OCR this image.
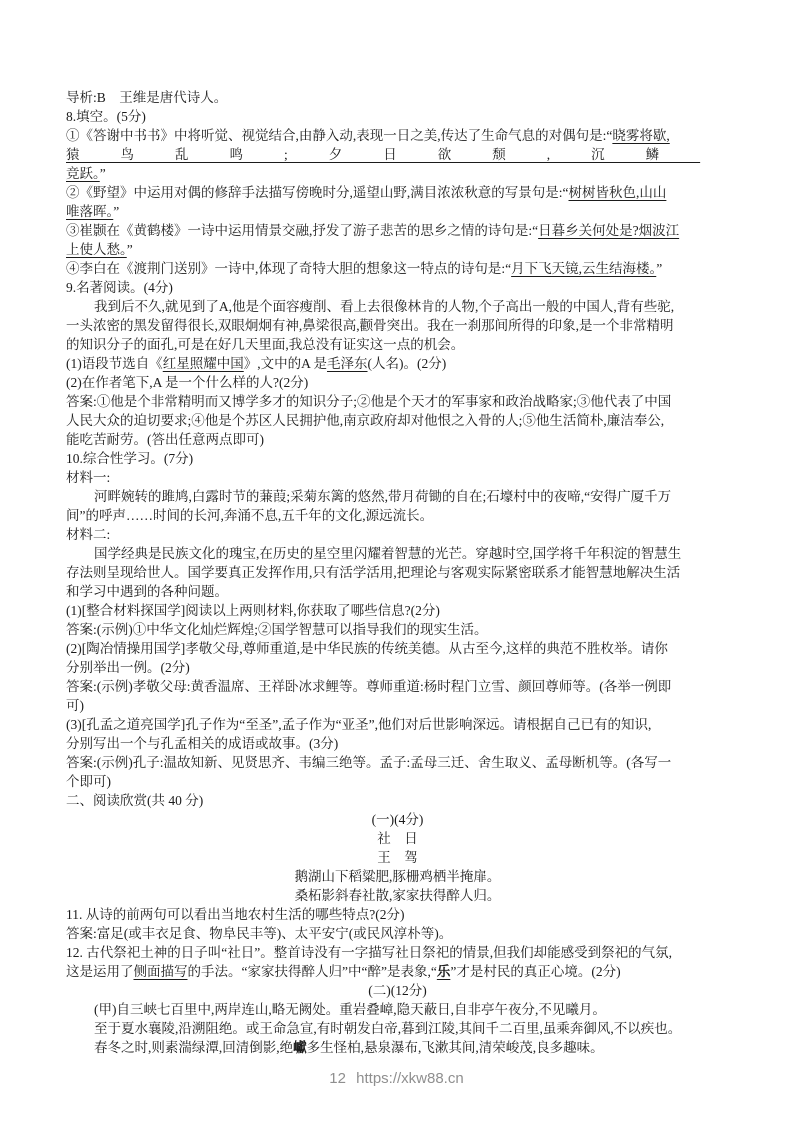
导析:B　王维是唐代诗人。
8.填空。(5分)
①《答谢中书书》中将听觉、视觉结合,由静入动,表现一日之美,传达了生命气息的对偶句是:“晓雾将歇,
猿鸟乱鸣;夕日欲颓,沉鳞
竞跃。”
②《野望》中运用对偶的修辞手法描写傍晚时分,遥望山野,满目浓浓秋意的写景句是:“树树皆秋色,山山
唯落晖。”
③崔颢在《黄鹤楼》一诗中运用情景交融,抒发了游子悲苦的思乡之情的诗句是:“日暮乡关何处是?烟波江
上使人愁。”
④李白在《渡荆门送别》一诗中,体现了奇特大胆的想象这一特点的诗句是:“月下飞天镜,云生结海楼。”
9.名著阅读。(4分)
我到后不久,就见到了A,他是个面容瘦削、看上去很像林肯的人物,个子高出一般的中国人,背有些驼,
一头浓密的黑发留得很长,双眼炯炯有神,鼻梁很高,颧骨突出。我在一刹那间所得的印象,是一个非常精明
的知识分子的面孔,可是在好几天里面,我总没有证实这一点的机会。
(1)语段节选自《红星照耀中国》,文中的A 是毛泽东(人名)。(2分)
(2)在作者笔下,A 是一个什么样的人?(2分)
答案:①他是个非常精明而又博学多才的知识分子;②他是个天才的军事家和政治战略家;③他代表了中国
人民大众的迫切要求;④他是个苏区人民拥护他,南京政府却对他恨之入骨的人;⑤他生活简朴,廉洁奉公,
能吃苦耐劳。(答出任意两点即可)
10.综合性学习。(7分)
材料一:
河畔婉转的雎鸠,白露时节的蒹葭;采菊东篱的悠然,带月荷锄的自在;石壕村中的夜啼,“安得广厦千万
间”的呼声……时间的长河,奔涌不息,五千年的文化,源远流长。
材料二:
国学经典是民族文化的瑰宝,在历史的星空里闪耀着智慧的光芒。穿越时空,国学将千年积淀的智慧生
存法则呈现给世人。国学要真正发挥作用,只有活学活用,把理论与客观实际紧密联系才能智慧地解决生活
和学习中遇到的各种问题。
(1)[整合材料探国学]阅读以上两则材料,你获取了哪些信息?(2分)
答案:(示例)①中华文化灿烂辉煌;②国学智慧可以指导我们的现实生活。
(2)[陶冶情操用国学]孝敬父母,尊师重道,是中华民族的传统美德。从古至今,这样的典范不胜枚举。请你
分别举出一例。(2分)
答案:(示例)孝敬父母:黄香温席、王祥卧冰求鲤等。尊师重道:杨时程门立雪、颜回尊师等。(各举一例即
可)
(3)[孔孟之道亮国学]孔子作为“至圣”,孟子作为“亚圣”,他们对后世影响深远。请根据自己已有的知识,
分别写出一个与孔孟相关的成语或故事。(3分)
答案:(示例)孔子:温故知新、见贤思齐、韦编三绝等。孟子:孟母三迁、舍生取义、孟母断机等。(各写一
个即可)
二、阅读欣赏(共 40 分)
(一)(4分)
社　日
王　驾
鹅湖山下稻粱肥,豚栅鸡栖半掩扉。
桑柘影斜春社散,家家扶得醉人归。
11. 从诗的前两句可以看出当地农村生活的哪些特点?(2分)
答案:富足(或丰衣足食、物阜民丰等)、太平安宁(或民风淳朴等)。
12. 古代祭祀土神的日子叫“社日”。整首诗没有一字描写社日祭祀的情景,但我们却能感受到祭祀的气氛,
这是运用了侧面描写的手法。“家家扶得醉人归”中“醉”是表象,“乐”才是村民的真正心境。(2分)
(二)(12分)
(甲)自三峡七百里中,两岸连山,略无阙处。重岩叠嶂,隐天蔽日,自非亭午夜分,不见曦月。
至于夏水襄陵,沿溯阻绝。或王命急宣,有时朝发白帝,暮到江陵,其间千二百里,虽乘奔御风,不以疾也。
春冬之时,则素湍绿潭,回清倒影,绝巘多生怪柏,悬泉瀑布,飞漱其间,清荣峻茂,良多趣味。
12 https://xkw88.cn
